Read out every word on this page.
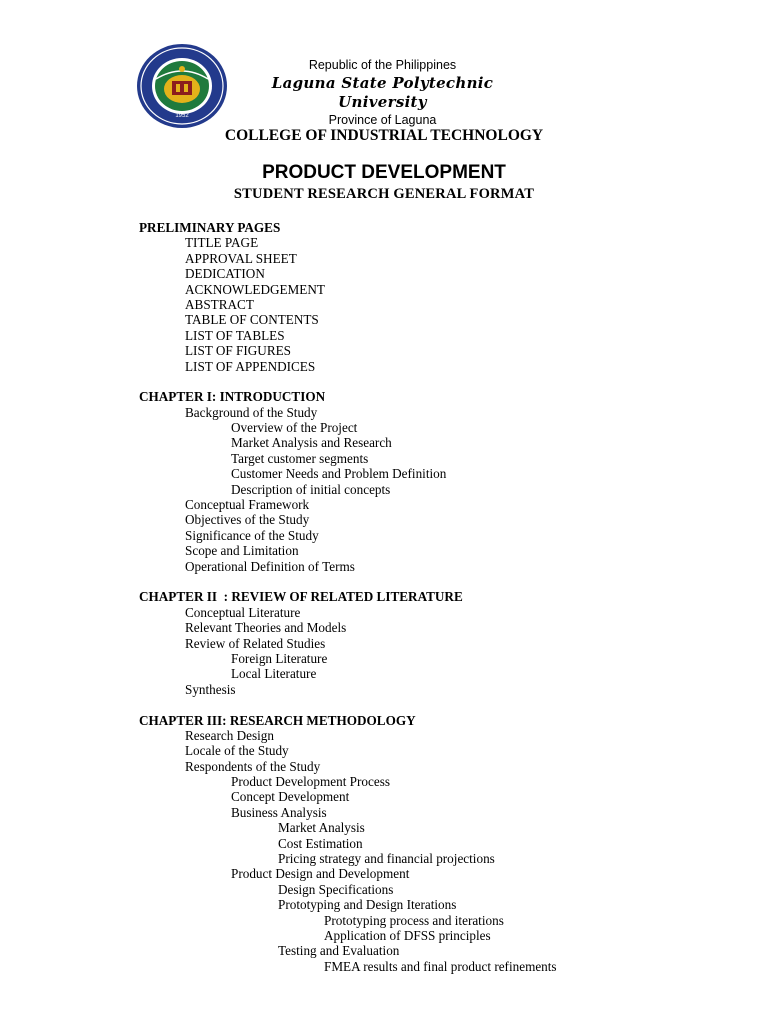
1952
Republic of the Philippines
Laguna State Polytechnic University
Province of Laguna
COLLEGE OF INDUSTRIAL TECHNOLOGY
PRODUCT DEVELOPMENT
STUDENT RESEARCH GENERAL FORMAT
PRELIMINARY PAGES
TITLE PAGE
APPROVAL SHEET
DEDICATION
ACKNOWLEDGEMENT
ABSTRACT
TABLE OF CONTENTS
LIST OF TABLES
LIST OF FIGURES
LIST OF APPENDICES
CHAPTER I: INTRODUCTION
Background of the Study
Overview of the Project
Market Analysis and Research
Target customer segments
Customer Needs and Problem Definition
Description of initial concepts
Conceptual Framework
Objectives of the Study
Significance of the Study
Scope and Limitation
Operational Definition of Terms
CHAPTER II  : REVIEW OF RELATED LITERATURE
Conceptual Literature
Relevant Theories and Models
Review of Related Studies
Foreign Literature
Local Literature
Synthesis
CHAPTER III: RESEARCH METHODOLOGY
Research Design
Locale of the Study
Respondents of the Study
Product Development Process
Concept Development
Business Analysis
Market Analysis
Cost Estimation
Pricing strategy and financial projections
Product Design and Development
Design Specifications
Prototyping and Design Iterations
Prototyping process and iterations
Application of DFSS principles
Testing and Evaluation
FMEA results and final product refinements
